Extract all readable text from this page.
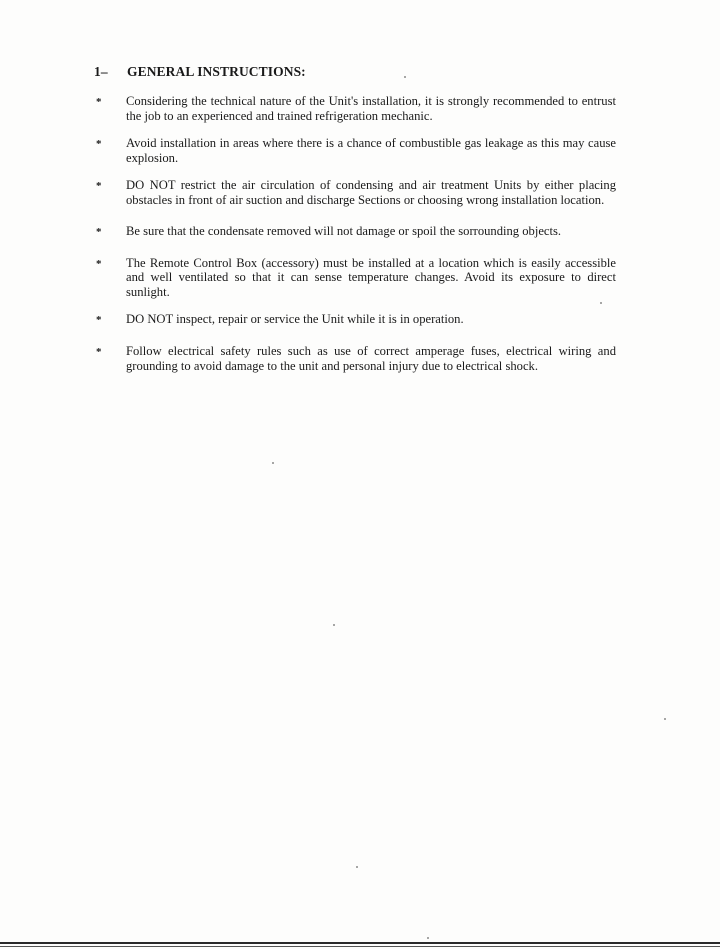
1–	GENERAL INSTRUCTIONS:
*	Considering the technical nature of the Unit's installation, it is strongly recommended to entrust the job to an experienced and trained refrigeration mechanic.
*	Avoid installation in areas where there is a chance of combustible gas leakage as this may cause explosion.
*	DO NOT restrict the air circulation of condensing and air treatment Units by either placing obstacles in front of air suction and discharge Sections or choosing wrong installation location.
*	Be sure that the condensate removed will not damage or spoil the sorrounding objects.
*	The Remote Control Box (accessory) must be installed at a location which is easily accessible and well ventilated so that it can sense temperature changes. Avoid its exposure to direct sunlight.
*	DO NOT inspect, repair or service the Unit while it is in operation.
*	Follow electrical safety rules such as use of correct amperage fuses, electrical wiring and grounding to avoid damage to the unit and personal injury due to electrical shock.
